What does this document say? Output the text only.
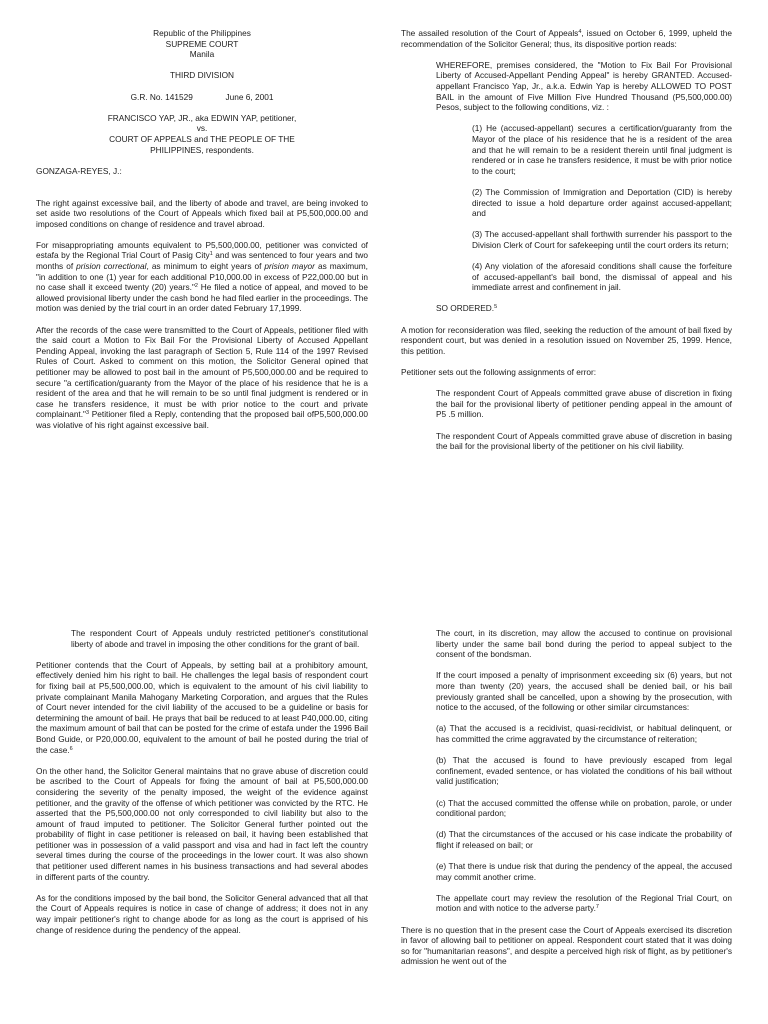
Republic of the Philippines

SUPREME COURT

Manila

THIRD DIVISION

G.R. No. 141529	June 6, 2001

FRANCISCO YAP, JR., aka EDWIN YAP, petitioner,

vs.

COURT OF APPEALS and THE PEOPLE OF THE

PHILIPPINES, respondents.

GONZAGA-REYES, J.:

The right against excessive bail, and the liberty of abode and travel, are being invoked to set aside two resolutions of the Court of Appeals which fixed bail at P5,500,000.00 and imposed conditions on change of residence and travel abroad.

For misappropriating amounts equivalent to P5,500,000.00, petitioner was convicted of estafa by the Regional Trial Court of Pasig City$^1$ and was sentenced to four years and two months of prision correctional, as minimum to eight years of prision mayor as maximum, "in addition to one (1) year for each additional P10,000.00 in excess of P22,000.00 but in no case shall it exceed twenty (20) years."$^2$ He filed a notice of appeal, and moved to be allowed provisional liberty under the cash bond he had filed earlier in the proceedings. The motion was denied by the trial court in an order dated February 17,1999.

After the records of the case were transmitted to the Court of Appeals, petitioner filed with the said court a Motion to Fix Bail For the Provisional Liberty of Accused Appellant Pending Appeal, invoking the last paragraph of Section 5, Rule 114 of the 1997 Revised Rules of Court. Asked to comment on this motion, the Solicitor General opined that petitioner may be allowed to post bail in the amount of P5,500,000.00 and be required to secure "a certification/guaranty from the Mayor of the place of his residence that he is a resident of the area and that he will remain to be so until final judgment is rendered or in case he transfers residence, it must be with prior notice to the court and private complainant."$^3$ Petitioner filed a Reply, contending that the proposed bail ofP5,500,000.00 was violative of his right against excessive bail.

The assailed resolution of the Court of Appeals$^4$, issued on October 6, 1999, upheld the recommendation of the Solicitor General; thus, its dispositive portion reads:

WHEREFORE, premises considered, the "Motion to Fix Bail For Provisional Liberty of Accused-Appellant Pending Appeal" is hereby GRANTED. Accused-appellant Francisco Yap, Jr., a.k.a. Edwin Yap is hereby ALLOWED TO POST BAIL in the amount of Five Million Five Hundred Thousand (P5,500,000.00) Pesos, subject to the following conditions, viz. :

(1) He (accused-appellant) secures a certification/guaranty from the Mayor of the place of his residence that he is a resident of the area and that he will remain to be a resident therein until final judgment is rendered or in case he transfers residence, it must be with prior notice to the court;

(2) The Commission of Immigration and Deportation (CID) is hereby directed to issue a hold departure order against accused-appellant; and

(3) The accused-appellant shall forthwith surrender his passport to the Division Clerk of Court for safekeeping until the court orders its return;

(4) Any violation of the aforesaid conditions shall cause the forfeiture of accused-appellant's bail bond, the dismissal of appeal and his immediate arrest and confinement in jail.

SO ORDERED.$^5$

A motion for reconsideration was filed, seeking the reduction of the amount of bail fixed by respondent court, but was denied in a resolution issued on November 25, 1999. Hence, this petition.

Petitioner sets out the following assignments of error:

The respondent Court of Appeals committed grave abuse of discretion in fixing the bail for the provisional liberty of petitioner pending appeal in the amount of P5 .5 million.

The respondent Court of Appeals committed grave abuse of discretion in basing the bail for the provisional liberty of the petitioner on his civil liability.

The respondent Court of Appeals unduly restricted petitioner's constitutional liberty of abode and travel in imposing the other conditions for the grant of bail.

Petitioner contends that the Court of Appeals, by setting bail at a prohibitory amount, effectively denied him his right to bail. He challenges the legal basis of respondent court for fixing bail at P5,500,000.00, which is equivalent to the amount of his civil liability to private complainant Manila Mahogany Marketing Corporation, and argues that the Rules of Court never intended for the civil liability of the accused to be a guideline or basis for determining the amount of bail. He prays that bail be reduced to at least P40,000.00, citing the maximum amount of bail that can be posted for the crime of estafa under the 1996 Bail Bond Guide, or P20,000.00, equivalent to the amount of bail he posted during the trial of the case.$^6$

On the other hand, the Solicitor General maintains that no grave abuse of discretion could be ascribed to the Court of Appeals for fixing the amount of bail at P5,500,000.00 considering the severity of the penalty imposed, the weight of the evidence against petitioner, and the gravity of the offense of which petitioner was convicted by the RTC. He asserted that the P5,500,000.00 not only corresponded to civil liability but also to the amount of fraud imputed to petitioner. The Solicitor General further pointed out the probability of flight in case petitioner is released on bail, it having been established that petitioner was in possession of a valid passport and visa and had in fact left the country several times during the course of the proceedings in the lower court. It was also shown that petitioner used different names in his business transactions and had several abodes in different parts of the country.

As for the conditions imposed by the bail bond, the Solicitor General advanced that all that the Court of Appeals requires is notice in case of change of address; it does not in any way impair petitioner's right to change abode for as long as the court is apprised of his change of residence during the pendency of the appeal.

The court, in its discretion, may allow the accused to continue on provisional liberty under the same bail bond during the period to appeal subject to the consent of the bondsman.

If the court imposed a penalty of imprisonment exceeding six (6) years, but not more than twenty (20) years, the accused shall be denied bail, or his bail previously granted shall be cancelled, upon a showing by the prosecution, with notice to the accused, of the following or other similar circumstances:

(a) That the accused is a recidivist, quasi-recidivist, or habitual delinquent, or has committed the crime aggravated by the circumstance of reiteration;

(b) That the accused is found to have previously escaped from legal confinement, evaded sentence, or has violated the conditions of his bail without valid justification;

(c) That the accused committed the offense while on probation, parole, or under conditional pardon;

(d) That the circumstances of the accused or his case indicate the probability of flight if released on bail; or

(e) That there is undue risk that during the pendency of the appeal, the accused may commit another crime.

The appellate court may review the resolution of the Regional Trial Court, on motion and with notice to the adverse party.$^7$

There is no question that in the present case the Court of Appeals exercised its discretion in favor of allowing bail to petitioner on appeal. Respondent court stated that it was doing so for "humanitarian reasons", and despite a perceived high risk of flight, as by petitioner's admission he went out of the
